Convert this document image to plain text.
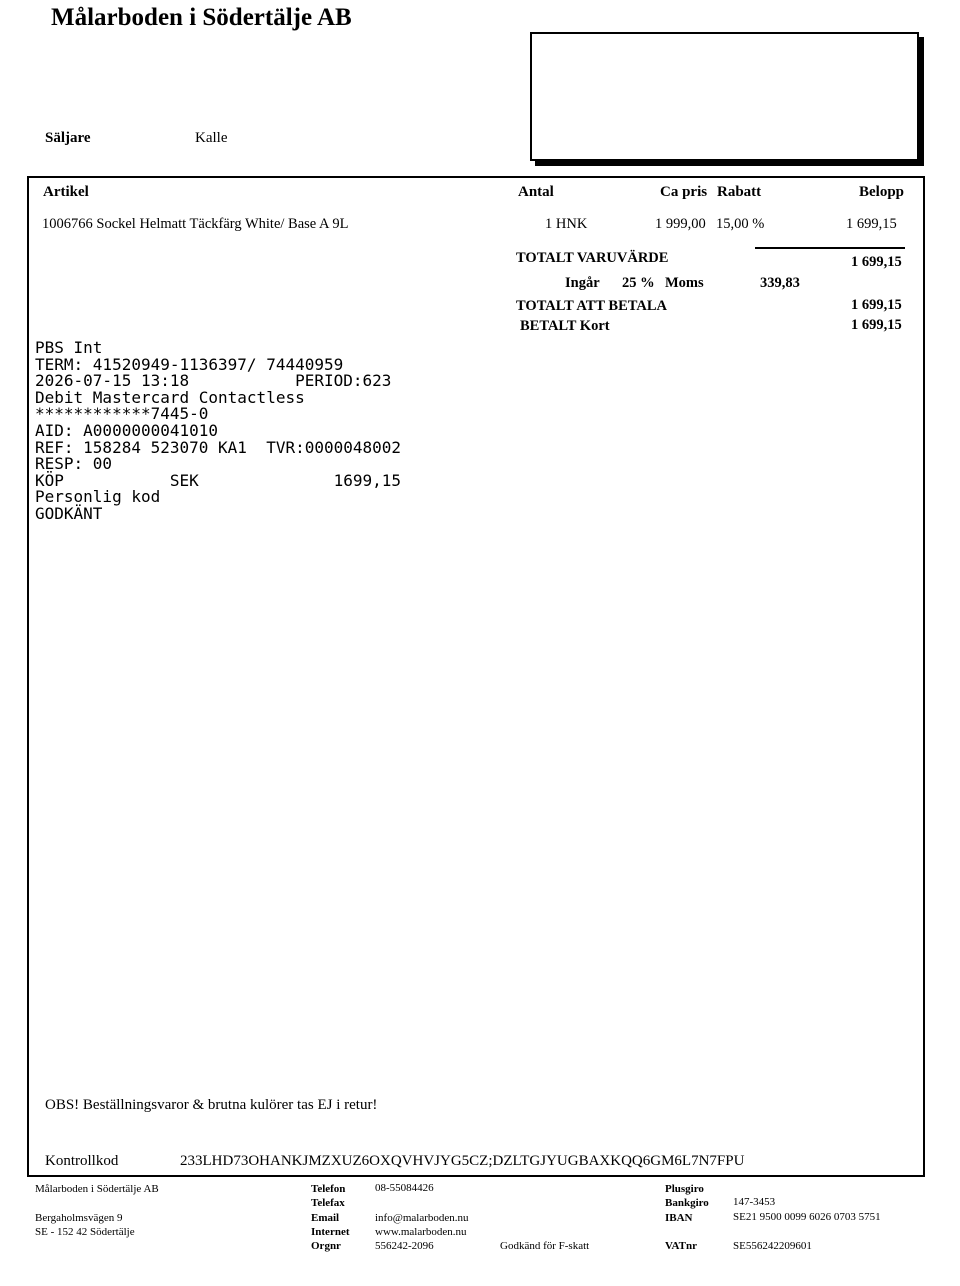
Målarboden i Södertälje AB
Säljare	Kalle
Artikel	Antal	Ca pris Rabatt	Belopp
1006766 Sockel Helmatt Täckfärg White/ Base A 9L	1 HNK	1 999,00 15,00 %	1 699,15
TOTALT VARUVÄRDE	1 699,15
Ingår 25 % Moms	339,83
TOTALT ATT BETALA	1 699,15
BETALT Kort	1 699,15
PBS Int
TERM: 41520949-1136397/ 74440959
2026-07-15 13:18           PERIOD:623
Debit Mastercard Contactless
************7445-0
AID: A0000000041010
REF: 158284 523070 KA1  TVR:0000048002
RESP: 00
KÖP           SEK              1699,15
Personlig kod
GODKÄNT
OBS! Beställningsvaror & brutna kulörer tas EJ i retur!
Kontrollkod	233LHD73OHANKJMZXUZ6OXQVHVJYG5CZ;DZLTGJYUGBAXKQQ6GM6L7N7FPU
Målarboden i Södertälje AB
Bergaholmsvägen 9
SE - 152 42 Södertälje
Telefon	08-55084426
Telefax
Email	info@malarboden.nu
Internet www.malarboden.nu
Orgnr	556242-2096	Godkänd för F-skatt
Plusgiro
Bankgiro 147-3453
IBAN	SE21 9500 0099 6026 0703 5751
VATnr	SE556242209601
